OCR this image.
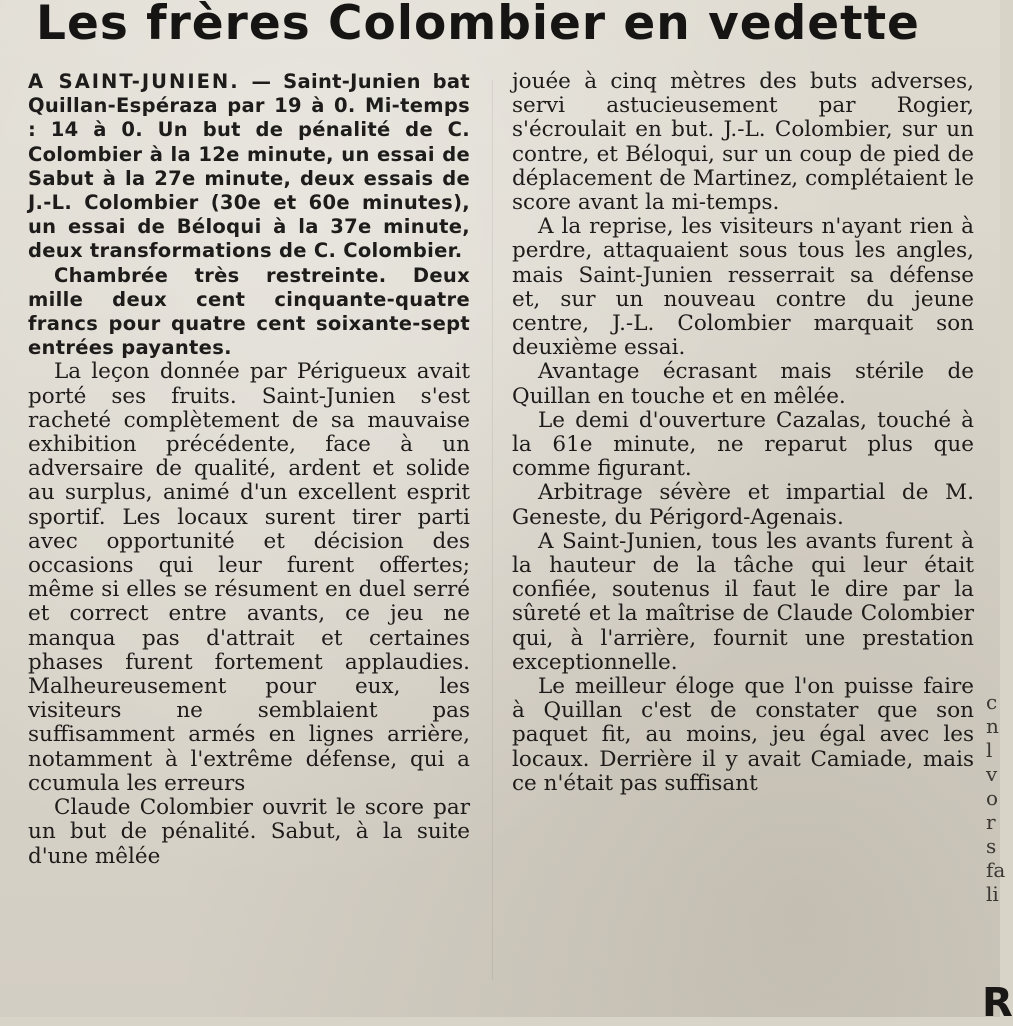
Les frères Colombier en vedette

A SAINT-JUNIEN. — Saint-Junien bat Quillan-Espéraza par 19 à 0. Mi-temps : 14 à 0. Un but de pénalité de C. Colombier à la 12e minute, un essai de Sabut à la 27e minute, deux essais de J.-L. Colombier (30e et 60e minutes), un essai de Béloqui à la 37e minute, deux transformations de C. Colombier.

Chambrée très restreinte. Deux mille deux cent cinquante-quatre francs pour quatre cent soixante-sept entrées payantes.

La leçon donnée par Périgueux avait porté ses fruits. Saint-Junien s'est racheté complètement de sa mauvaise exhibition précédente, face à un adversaire de qualité, ardent et solide au surplus, animé d'un excellent esprit sportif. Les locaux surent tirer parti avec opportunité et décision des occasions qui leur furent offertes; même si elles se résument en duel serré et correct entre avants, ce jeu ne manqua pas d'attrait et certaines phases furent fortement applaudies. Malheureusement pour eux, les visiteurs ne semblaient pas suffisamment armés en lignes arrière, notamment à l'extrême défense, qui a ccumula les erreurs

Claude Colombier ouvrit le score par un but de pénalité. Sabut, à la suite d'une mêlée

jouée à cinq mètres des buts adverses, servi astucieusement par Rogier, s'écroulait en but. J.-L. Colombier, sur un contre, et Béloqui, sur un coup de pied de déplacement de Martinez, complétaient le score avant la mi-temps.

A la reprise, les visiteurs n'ayant rien à perdre, attaquaient sous tous les angles, mais Saint-Junien resserrait sa défense et, sur un nouveau contre du jeune centre, J.-L. Colombier marquait son deuxième essai.

Avantage écrasant mais stérile de Quillan en touche et en mêlée.

Le demi d'ouverture Cazalas, touché à la 61e minute, ne reparut plus que comme figurant.

Arbitrage sévère et impartial de M. Geneste, du Périgord-Agenais.

A Saint-Junien, tous les avants furent à la hauteur de la tâche qui leur était confiée, soutenus il faut le dire par la sûreté et la maîtrise de Claude Colombier qui, à l'arrière, fournit une prestation exceptionnelle.

Le meilleur éloge que l'on puisse faire à Quillan c'est de constater que son paquet fit, au moins, jeu égal avec les locaux. Derrière il y avait Camiade, mais ce n'était pas suffisant

c
n
l
v
o
r
s
fa
li
R
